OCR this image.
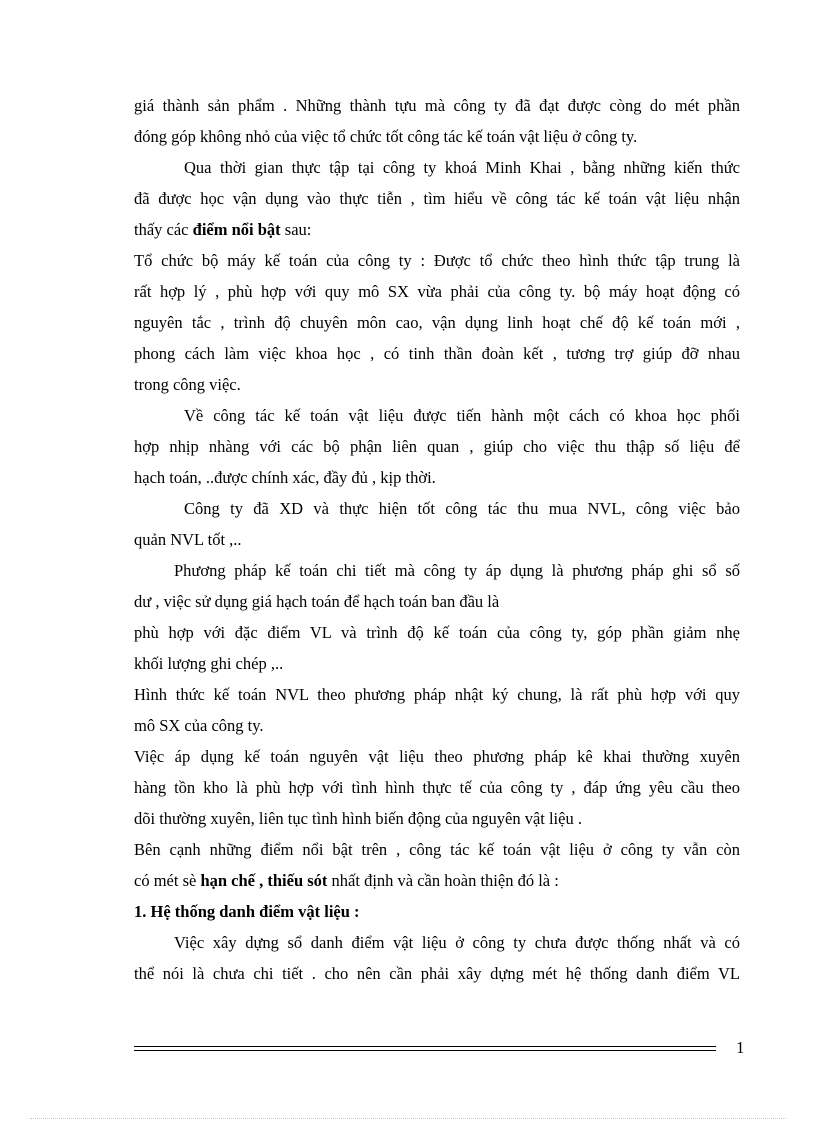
giá thành sản phẩm . Những thành tựu mà công ty đã đạt được còng do mét phần
đóng góp không nhỏ của việc tổ chức tốt công tác kế toán vật liệu ở công ty.
Qua thời gian thực tập tại công ty khoá Minh Khai , bằng những kiến thức
đã được học vận dụng vào thực tiễn , tìm hiểu về công tác kế toán vật liệu nhận
thấy các điểm nổi bật sau:
Tổ chức bộ máy kế toán của công ty : Được tổ chức theo hình thức tập trung là
rất hợp lý , phù hợp với quy mô SX vừa phải của công ty. bộ máy hoạt động có
nguyên tắc , trình độ chuyên môn cao, vận dụng linh hoạt chế độ kế toán mới ,
phong cách làm việc khoa học , có tinh thần đoàn kết , tương trợ giúp đỡ nhau
trong công việc.
Về công tác kế toán vật liệu được tiến hành một cách có khoa học phối
hợp nhịp nhàng với các bộ phận liên quan , giúp cho việc thu thập số liệu để
hạch toán, ..được chính xác, đầy đủ , kịp thời.
Công ty đã XD và thực hiện tốt công tác thu mua NVL, công việc bảo
quản NVL tốt ,..
Phương pháp kế toán chi tiết mà công ty áp dụng là phương pháp ghi sổ số
dư , việc sử dụng giá hạch toán để hạch toán ban đầu là
phù hợp với đặc điểm VL và trình độ kế toán của công ty, góp phần giảm nhẹ
khối lượng ghi chép ,..
Hình thức kế toán NVL theo phương pháp nhật ký chung, là rất phù hợp với quy
mô SX của công ty.
Việc áp dụng kế toán nguyên vật liệu theo phương pháp kê khai thường xuyên
hàng tồn kho là phù hợp với tình hình thực tế của công ty , đáp ứng yêu cầu theo
dõi thường xuyên, liên tục tình hình biến động của nguyên vật liệu .
Bên cạnh những điểm nổi bật trên , công tác kế toán vật liệu ở công ty vẫn còn
có mét sè hạn chế , thiếu sót nhất định và cần hoàn thiện đó là :
1. Hệ thống danh điểm vật liệu :
Việc xây dựng sổ danh điểm vật liệu ở công ty chưa được thống nhất và có
thể nói là chưa chi tiết . cho nên cần phải xây dựng mét hệ thống danh điểm VL
1
